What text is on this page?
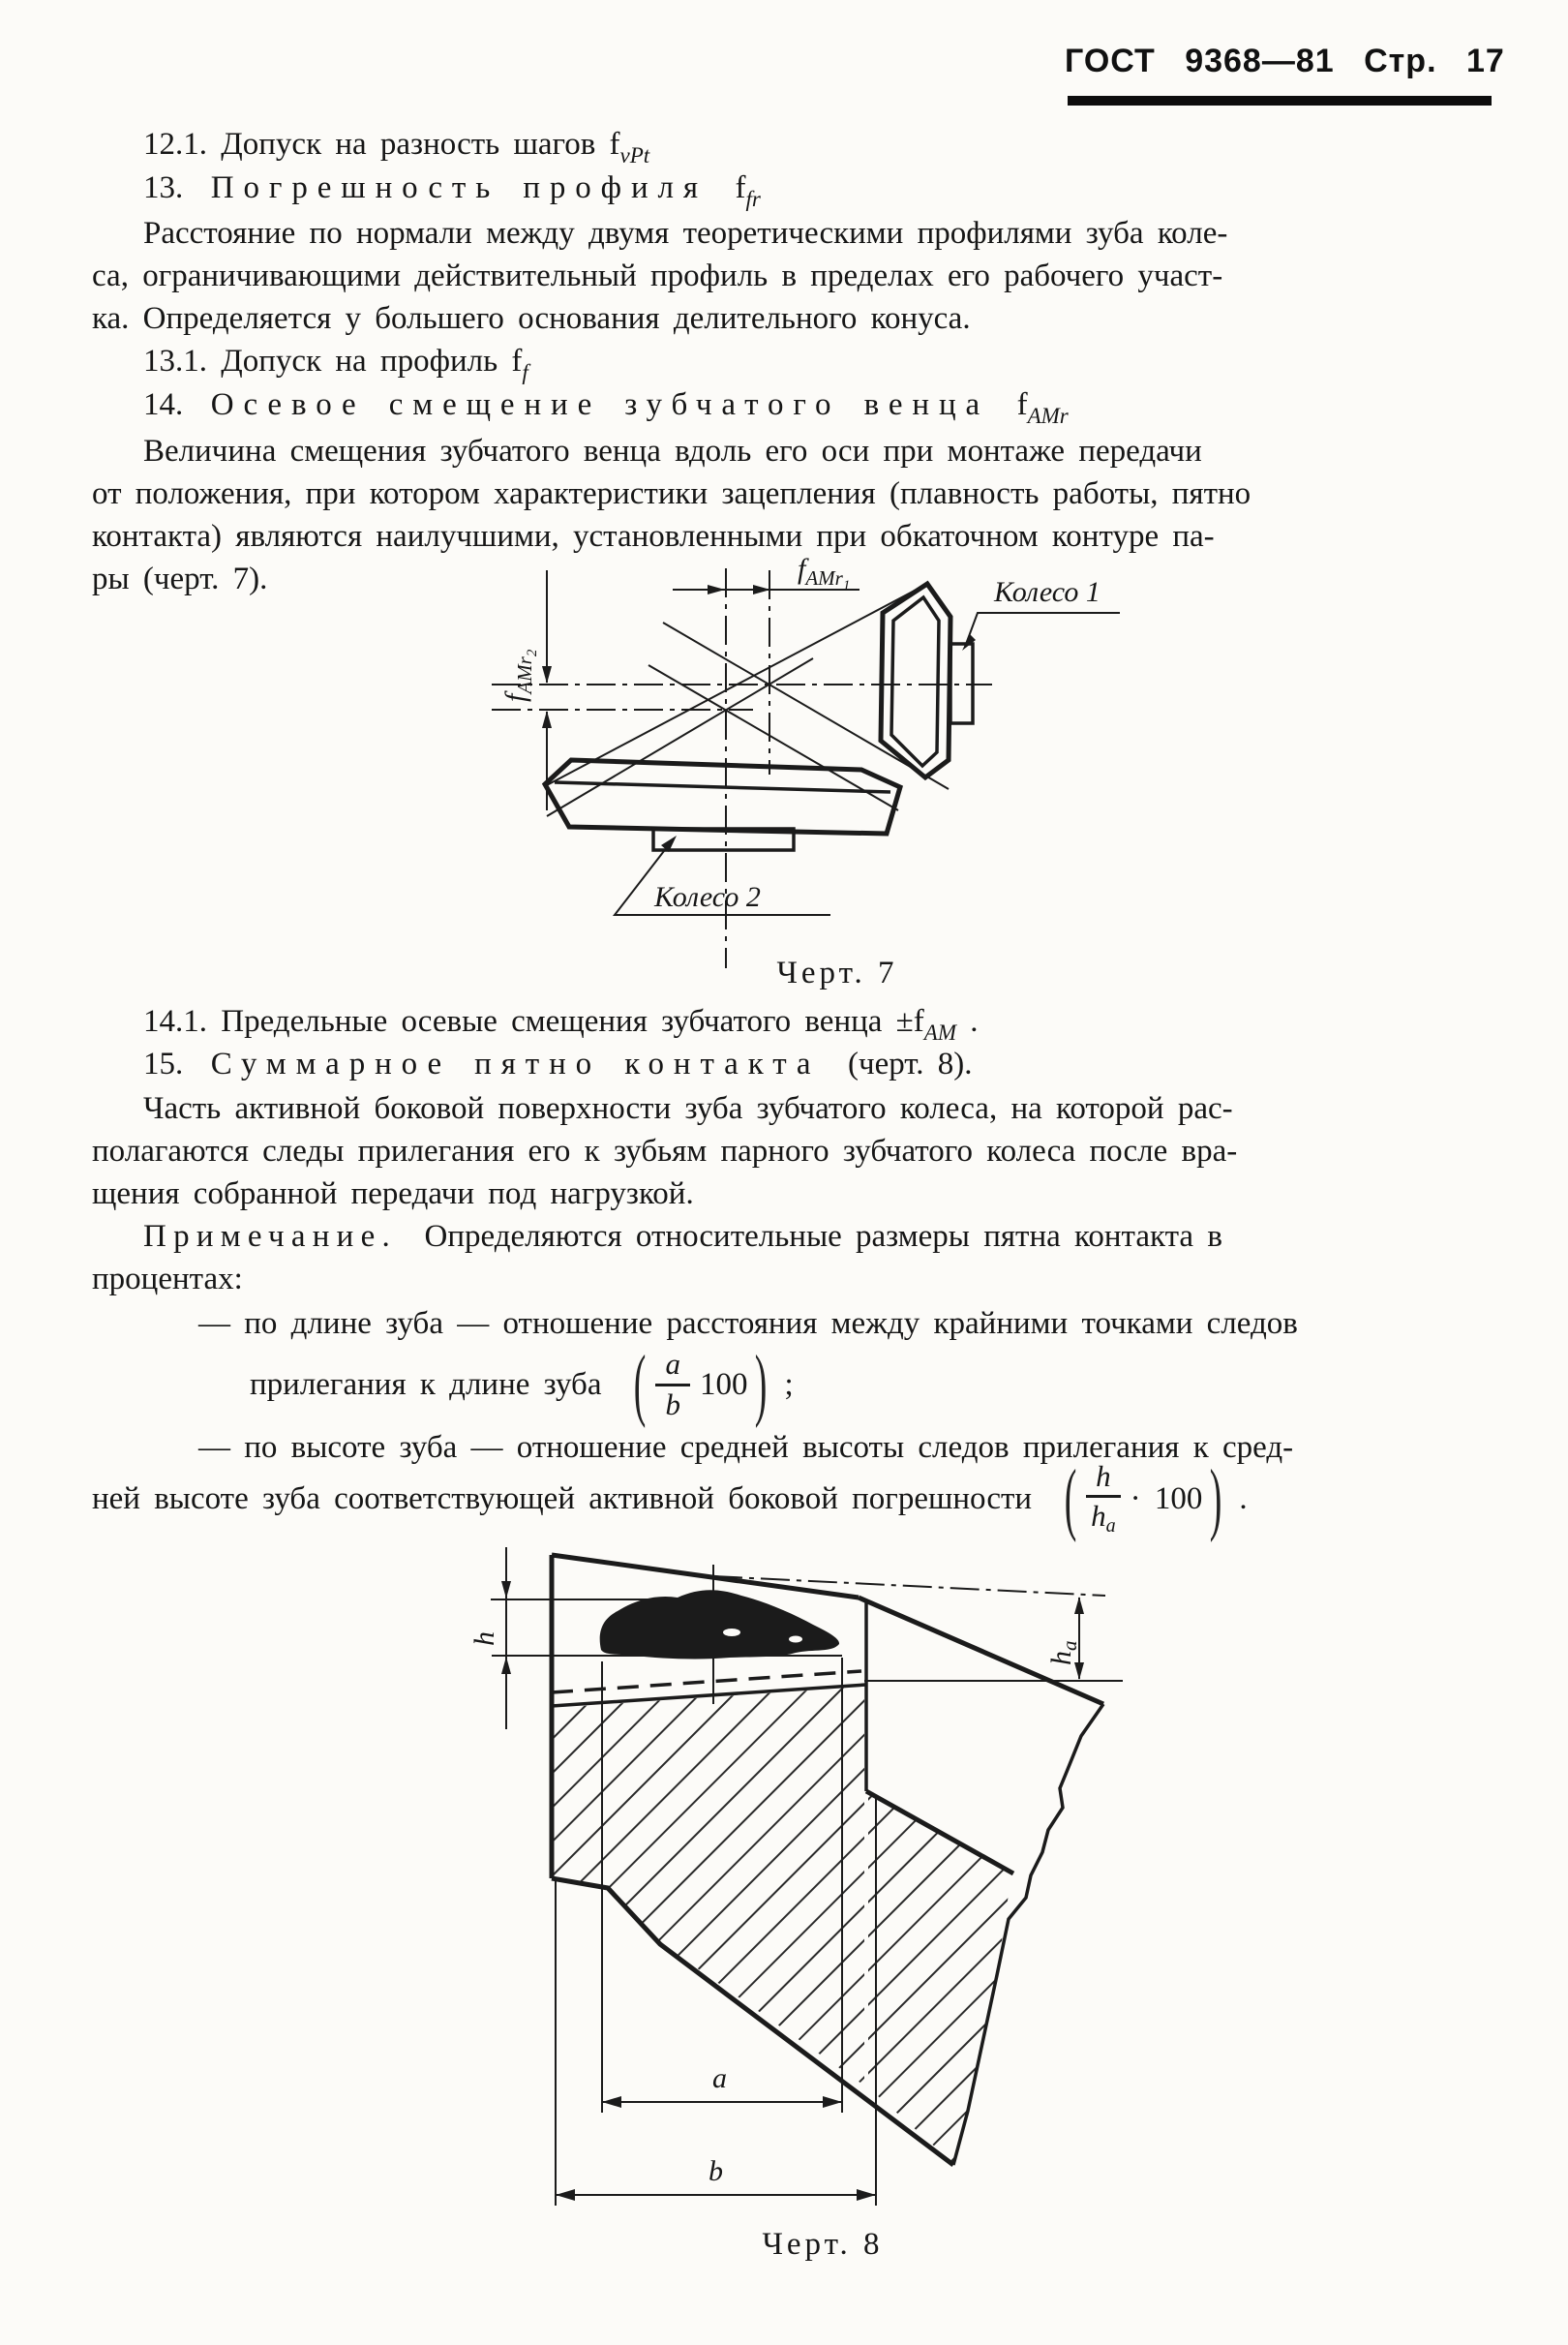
ГОСТ 9368—81 Стр. 17
12.1. Допуск на разность шагов $f_{vPt}$
13. Погрешность профиля $f_{fr}$
Расстояние по нормали между двумя теоретическими профилями зуба коле-
са, ограничивающими действительный профиль в пределах его рабочего участ-
ка. Определяется у большего основания делительного конуса.
13.1. Допуск на профиль $f_f$
14. Осевое смещение зубчатого венца $f_{AMr}$
Величина смещения зубчатого венца вдоль его оси при монтаже передачи
от положения, при котором характеристики зацепления (плавность работы, пятно
контакта) являются наилучшими, установленными при обкаточном контуре па-
ры (черт. 7).	$f_{AMr}1$
$f_{AMr}2$
Колесо 1
Колесо 2
Черт. 7
14.1. Предельные осевые смещения зубчатого венца $\pm f_{AM}$ .
15. Суммарное пятно контакта (черт. 8).
Часть активной боковой поверхности зуба зубчатого колеса, на которой рас-
полагаются следы прилегания его к зубьям парного зубчатого колеса после вра-
щения собранной передачи под нагрузкой.
Примечание. Определяются относительные размеры пятна контакта в
процентах:
— по длине зуба — отношение расстояния между крайними точками следов
прилегания к длине зуба ( $\frac{a}{b} 100$ ) ;
— по высоте зуба — отношение средней высоты следов прилегания к сред-
ней высоте зуба соответствующей активной боковой погрешности ( $\frac{h}{ha} \cdot 100$ ) .
h
$h_a$
a
b
Черт. 8
